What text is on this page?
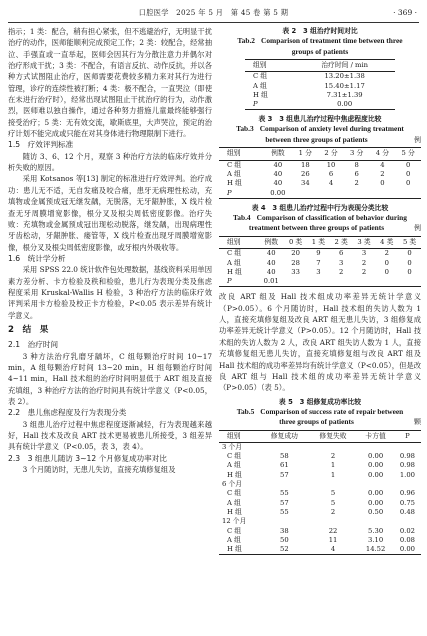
口腔医学　2025 年 5 月　第 45 卷 第 5 期	· 369 ·

指示；1 类：配合，稍有担心紧张，但不逃避治疗，无明显干扰治疗的动作，医师能顺利完成预定工作；2 类：较配合，经常抽泣、手强直或一直举起，医师会因其行为分散注意力并偶尔对治疗形成干扰；3 类：不配合，有语言反抗、动作反抗，并以各种方式试图阻止治疗，医师需要花费较多精力来对其行为进行管理，诊疗的连续性被打断；4 类：极不配合，一直哭泣（即使在未进行治疗时），经常出现试图阻止干扰治疗的行为，动作激烈，医师难以独自操作，通过各种努力措施儿童最终能够强行接受治疗；5 类：无有效交流，歇斯底里，大声哭泣，预定的治疗计划不能完成或只能在对其身体进行物理限制下进行。

1.5　疗效评判标准

随访 3、6、12 个月，观察 3 种治疗方法的临床疗效并分析失败的原因。

采用 Kotsanos 等[13] 制定的标准进行疗效评判。治疗成功：患儿无不适，无自发痛及咬合痛，患牙无病理性松动，充填物或金属预成冠无继发龋，无脱落，无牙龈肿胀，X 线片检查无牙周膜增宽影像，根分叉及根尖周低密度影像。治疗失败：充填物或金属预成冠出现松动脱落，继发龋，出现病理性牙齿松动，牙龈肿胀、瘘管等，X 线片检查出现牙周膜增宽影像，根分叉及根尖周低密度影像，或牙根内外吸收等。

1.6　统计学分析

采用 SPSS 22.0 统计软件包处理数据，基线资料采用单因素方差分析、卡方检验及秩和检验，患儿行为表现分类及焦虑程度采用 Kruskal-Wallis H 检验，3 种治疗方法的临床疗效评判采用卡方检验及校正卡方检验，P<0.05 表示差异有统计学意义。

2　结　果

2.1　治疗时间

3 种方法治疗乳磨牙龋坏，C 组每颗治疗时间 10~17 min，A 组每颗治疗时间 13~20 min，H 组每颗治疗时间 4~11 min，Hall 技术组的治疗时间明显低于 ART 组及直接充填组，3 种治疗方法的治疗时间具有统计学意义（P<0.05，表 2）。

2.2　患儿焦虑程度及行为表现分类

3 组患儿治疗过程中焦虑程度逐渐减轻，行为表现越来越好，Hall 技术及改良 ART 技术更易被患儿所接受，3 组差异具有统计学意义（P<0.05，表 3，表 4）。

2.3　3 组患儿随访 3~12 个月修复成功率对比

3 个月随访时，无患儿失访，直接充填修复组及

表 2　3 组治疗时间对比
Tab.2 Comparison of treatment time between three
groups of patients
组别	治疗时间 / min
C 组	13.20±1.38
A 组	15.40±1.17
H 组	7.31±1.39
P	0.00
表 3　3 组患儿治疗过程中焦虑程度比较
Tab.3 Comparison of anxiety level during treatment
between three groups of patients	例
组别	例数	1 分	2 分	3 分	4 分	5 分
C 组	40	18	10	8	4	0
A 组	40	26	6	6	2	0
H 组	40	34	4	2	0	0
P	0.00					
表 4　3 组患儿治疗过程中行为表现分类比较
Tab.4 Comparison of classification of behavior during
treatment between three groups of patients	例
组别	例数	0 类	1 类	2 类	3 类	4 类	5 类
C 组	40	20	9	6	3	2	0
A 组	40	28	7	3	2	0	0
H 组	40	33	3	2	2	0	0
P	0.01						

改良 ART 组及 Hall 技术组成功率差异无统计学意义（P>0.05）。6 个月随访时，Hall 技术组的失访人数为 1 人，直接充填修复组及改良 ART 组无患儿失访，3 组修复成功率差异无统计学意义（P>0.05）。12 个月随访时，Hall 技术组的失访人数为 2 人，改良 ART 组失访人数为 1 人，直接充填修复组无患儿失访，直接充填修复组与改良 ART 组及 Hall 技术组的成功率差异均有统计学意义（P<0.05），但是改良 ART 组与 Hall 技术组的成功率差异无统计学意义（P>0.05）（表 5）。

表 5　3 组修复成功率比较
Tab.5 Comparison of success rate of repair between
three groups of patients	颗
组别	修复成功	修复失败	卡方值	P
3 个月				
C 组	58	2	0.00	0.98
A 组	61	1	0.00	0.98
H 组	57	1	0.00	1.00
6 个月				
C 组	55	5	0.00	0.96
A 组	57	5	0.00	0.75
H 组	55	2	0.50	0.48
12 个月				
C 组	38	22	5.30	0.02
A 组	50	11	3.10	0.08
H 组	52	4	14.52	0.00
